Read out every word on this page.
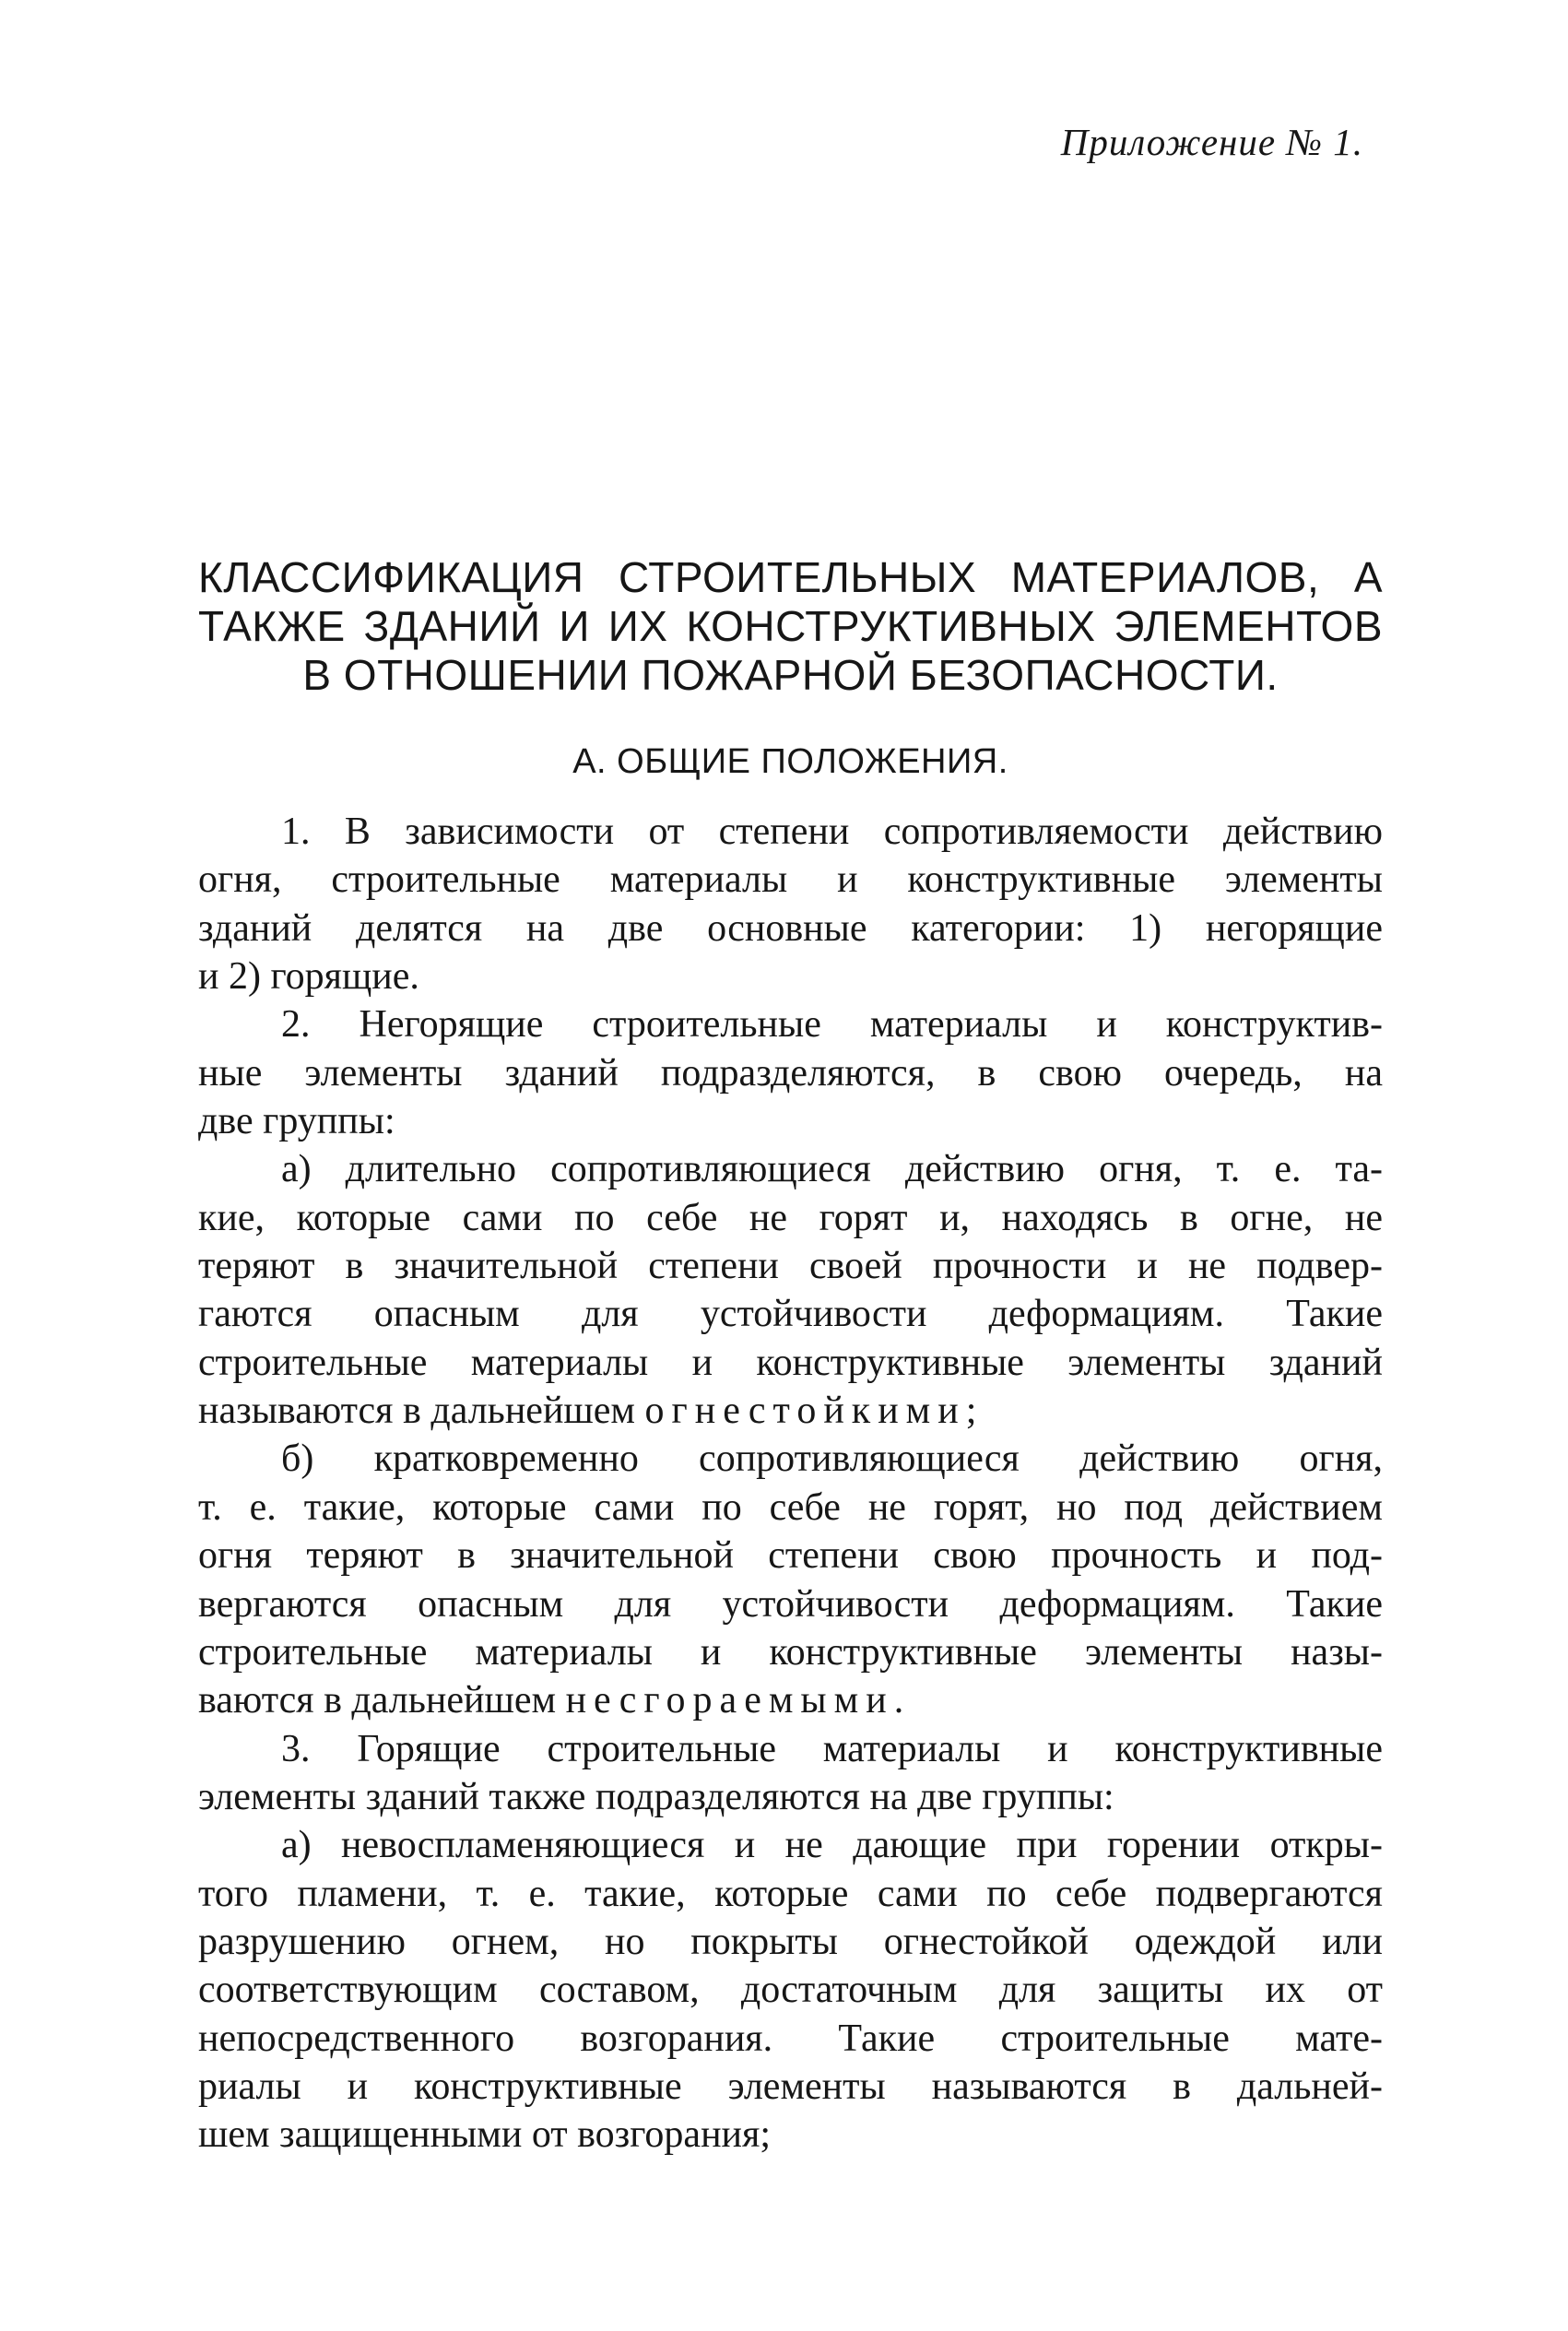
Приложение № 1.
КЛАССИФИКАЦИЯ СТРОИТЕЛЬНЫХ МАТЕРИАЛОВ, А
ТАКЖЕ ЗДАНИЙ И ИХ КОНСТРУКТИВНЫХ ЭЛЕМЕНТОВ
В ОТНОШЕНИИ ПОЖАРНОЙ БЕЗОПАСНОСТИ.
А. ОБЩИЕ ПОЛОЖЕНИЯ.
1. В зависимости от степени сопротивляемости действию
огня, строительные материалы и конструктивные элементы
зданий делятся на две основные категории: 1) негорящие
и 2) горящие.
2. Негорящие строительные материалы и конструктив-
ные элементы зданий подразделяются, в свою очередь, на
две группы:
а) длительно сопротивляющиеся действию огня, т. е. та-
кие, которые сами по себе не горят и, находясь в огне, не
теряют в значительной степени своей прочности и не подвер-
гаются опасным для устойчивости деформациям. Такие
строительные материалы и конструктивные элементы зданий
называются в дальнейшем огнестойкими;
б) кратковременно сопротивляющиеся действию огня,
т. е. такие, которые сами по себе не горят, но под действием
огня теряют в значительной степени свою прочность и под-
вергаются опасным для устойчивости деформациям. Такие
строительные материалы и конструктивные элементы назы-
ваются в дальнейшем несгораемыми.
3. Горящие строительные материалы и конструктивные
элементы зданий также подразделяются на две группы:
а) невоспламеняющиеся и не дающие при горении откры-
того пламени, т. е. такие, которые сами по себе подвергаются
разрушению огнем, но покрыты огнестойкой одеждой или
соответствующим составом, достаточным для защиты их от
непосредственного возгорания. Такие строительные мате-
риалы и конструктивные элементы называются в дальней-
шем защищенными от возгорания;
